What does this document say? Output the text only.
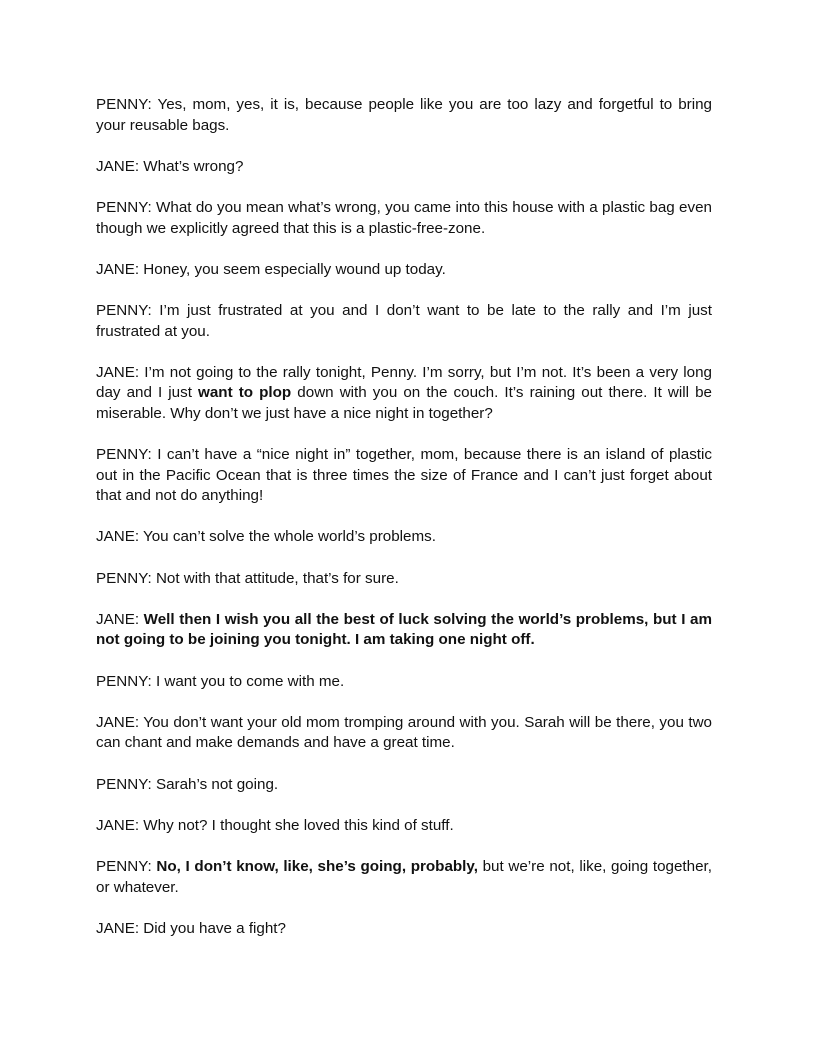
PENNY: Yes, mom, yes, it is, because people like you are too lazy and forgetful to bring your reusable bags.

JANE: What’s wrong?

PENNY: What do you mean what’s wrong, you came into this house with a plastic bag even though we explicitly agreed that this is a plastic-free-zone.

JANE: Honey, you seem especially wound up today.

PENNY: I’m just frustrated at you and I don’t want to be late to the rally and I’m just frustrated at you.

JANE: I’m not going to the rally tonight, Penny. I’m sorry, but I’m not. It’s been a very long day and I just want to plop down with you on the couch. It’s raining out there. It will be miserable. Why don’t we just have a nice night in together?

PENNY: I can’t have a “nice night in” together, mom, because there is an island of plastic out in the Pacific Ocean that is three times the size of France and I can’t just forget about that and not do anything!

JANE: You can’t solve the whole world’s problems.

PENNY: Not with that attitude, that’s for sure.

JANE: Well then I wish you all the best of luck solving the world’s problems, but I am not going to be joining you tonight. I am taking one night off.

PENNY: I want you to come with me.

JANE: You don’t want your old mom tromping around with you. Sarah will be there, you two can chant and make demands and have a great time.

PENNY: Sarah’s not going.

JANE: Why not? I thought she loved this kind of stuff.

PENNY: No, I don’t know, like, she’s going, probably, but we’re not, like, going together, or whatever.

JANE: Did you have a fight?
